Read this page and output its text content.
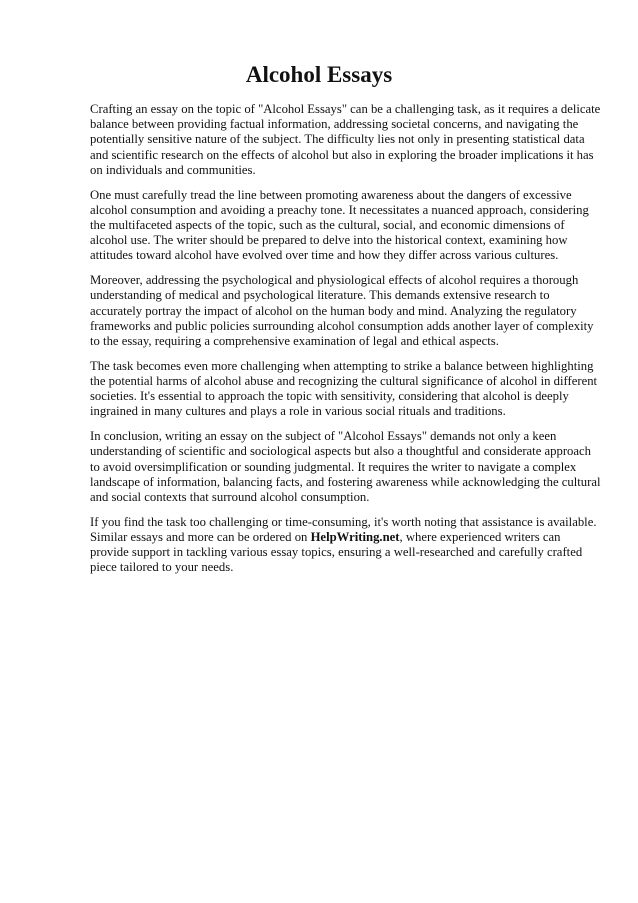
Alcohol Essays

Crafting an essay on the topic of "Alcohol Essays" can be a challenging task, as it requires a delicate balance between providing factual information, addressing societal concerns, and navigating the potentially sensitive nature of the subject. The difficulty lies not only in presenting statistical data and scientific research on the effects of alcohol but also in exploring the broader implications it has on individuals and communities.

One must carefully tread the line between promoting awareness about the dangers of excessive alcohol consumption and avoiding a preachy tone. It necessitates a nuanced approach, considering the multifaceted aspects of the topic, such as the cultural, social, and economic dimensions of alcohol use. The writer should be prepared to delve into the historical context, examining how attitudes toward alcohol have evolved over time and how they differ across various cultures.

Moreover, addressing the psychological and physiological effects of alcohol requires a thorough understanding of medical and psychological literature. This demands extensive research to accurately portray the impact of alcohol on the human body and mind. Analyzing the regulatory frameworks and public policies surrounding alcohol consumption adds another layer of complexity to the essay, requiring a comprehensive examination of legal and ethical aspects.

The task becomes even more challenging when attempting to strike a balance between highlighting the potential harms of alcohol abuse and recognizing the cultural significance of alcohol in different societies. It's essential to approach the topic with sensitivity, considering that alcohol is deeply ingrained in many cultures and plays a role in various social rituals and traditions.

In conclusion, writing an essay on the subject of "Alcohol Essays" demands not only a keen understanding of scientific and sociological aspects but also a thoughtful and considerate approach to avoid oversimplification or sounding judgmental. It requires the writer to navigate a complex landscape of information, balancing facts, and fostering awareness while acknowledging the cultural and social contexts that surround alcohol consumption.

If you find the task too challenging or time-consuming, it's worth noting that assistance is available. Similar essays and more can be ordered on HelpWriting.net, where experienced writers can provide support in tackling various essay topics, ensuring a well-researched and carefully crafted piece tailored to your needs.
